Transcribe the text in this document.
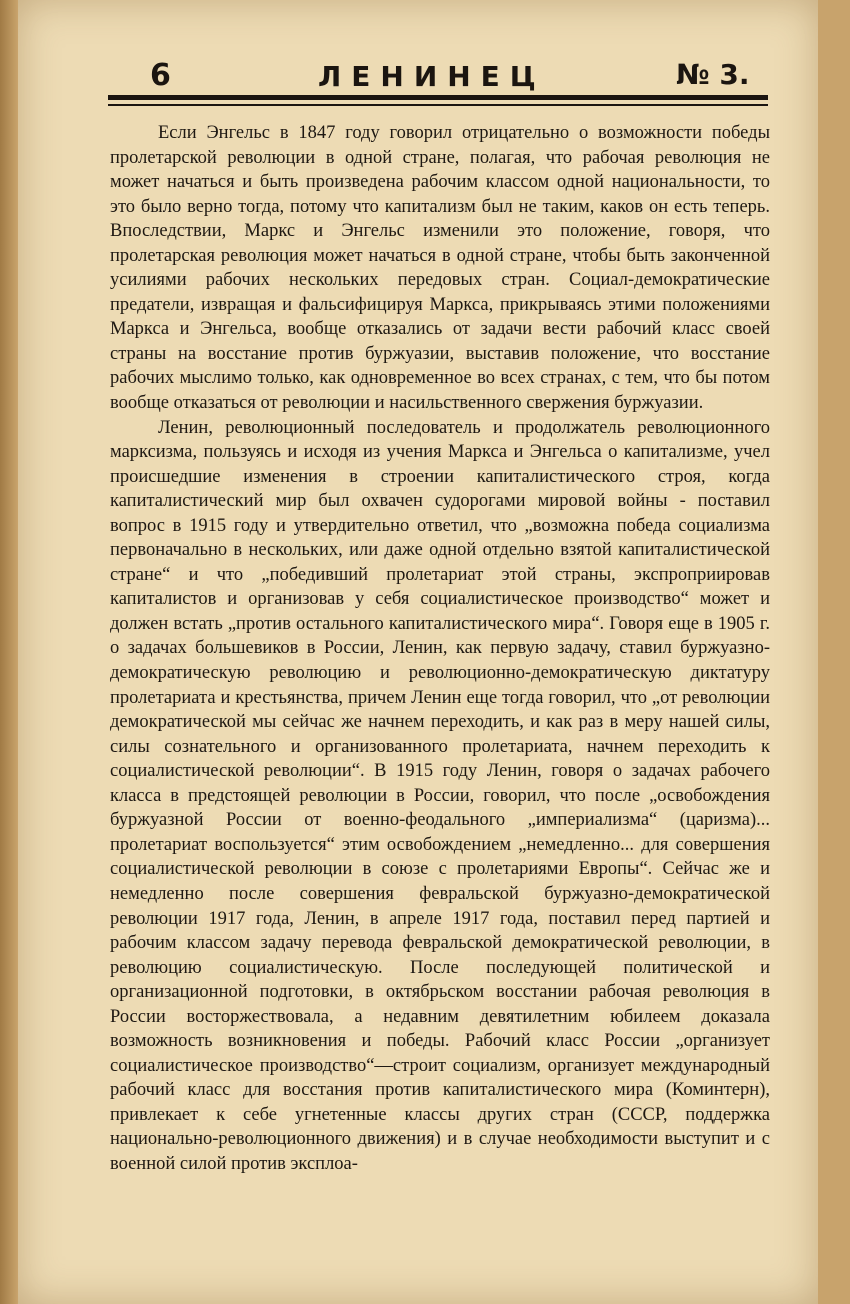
6	ЛЕНИНЕЦ	№ 3.

Если Энгельс в 1847 году говорил отрицательно о возможности победы пролетарской революции в одной стране, полагая, что рабочая революция не может начаться и быть произведена рабочим классом одной национальности, то это было верно тогда, потому что капитализм был не таким, каков он есть теперь. Впоследствии, Маркс и Энгельс изменили это положение, говоря, что пролетарская революция может начаться в одной стране, чтобы быть законченной усилиями рабочих нескольких передовых стран. Социал-демократические предатели, извращая и фальсифицируя Маркса, прикрываясь этими положениями Маркса и Энгельса, вообще отказались от задачи вести рабочий класс своей страны на восстание против буржуазии, выставив положение, что восстание рабочих мыслимо только, как одновременное во всех странах, с тем, что бы потом вообще отказаться от революции и насильственного свержения буржуазии.

Ленин, революционный последователь и продолжатель революционного марксизма, пользуясь и исходя из учения Маркса и Энгельса о капитализме, учел происшедшие изменения в строении капиталистического строя, когда капиталистический мир был охвачен судорогами мировой войны - поставил вопрос в 1915 году и утвердительно ответил, что „возможна победа социализма первоначально в нескольких, или даже одной отдельно взятой капиталистической стране“ и что „победивший пролетариат этой страны, экспроприировав капиталистов и организовав у себя социалистическое производство“ может и должен встать „против остального капиталистического мира“. Говоря еще в 1905 г. о задачах большевиков в России, Ленин, как первую задачу, ставил буржуазно-демократическую революцию и революционно-демократическую диктатуру пролетариата и крестьянства, причем Ленин еще тогда говорил, что „от революции демократической мы сейчас же начнем переходить, и как раз в меру нашей силы, силы сознательного и организованного пролетариата, начнем переходить к социалистической революции“. В 1915 году Ленин, говоря о задачах рабочего класса в предстоящей революции в России, говорил, что после „освобождения буржуазной России от военно-феодального „империализма“ (царизма)... пролетариат воспользуется“ этим освобождением „немедленно... для совершения социалистической революции в союзе с пролетариями Европы“. Сейчас же и немедленно после совершения февральской буржуазно-демократической революции 1917 года, Ленин, в апреле 1917 года, поставил перед партией и рабочим классом задачу перевода февральской демократической революции, в революцию социалистическую. После последующей политической и организационной подготовки, в октябрьском восстании рабочая революция в России восторжествовала, а недавним девятилетним юбилеем доказала возможность возникновения и победы. Рабочий класс России „организует социалистическое производство“—строит социализм, организует международный рабочий класс для восстания против капиталистического мира (Коминтерн), привлекает к себе угнетенные классы других стран (СССР, поддержка национально-революционного движения) и в случае необходимости выступит и с военной силой против эксплоа-
